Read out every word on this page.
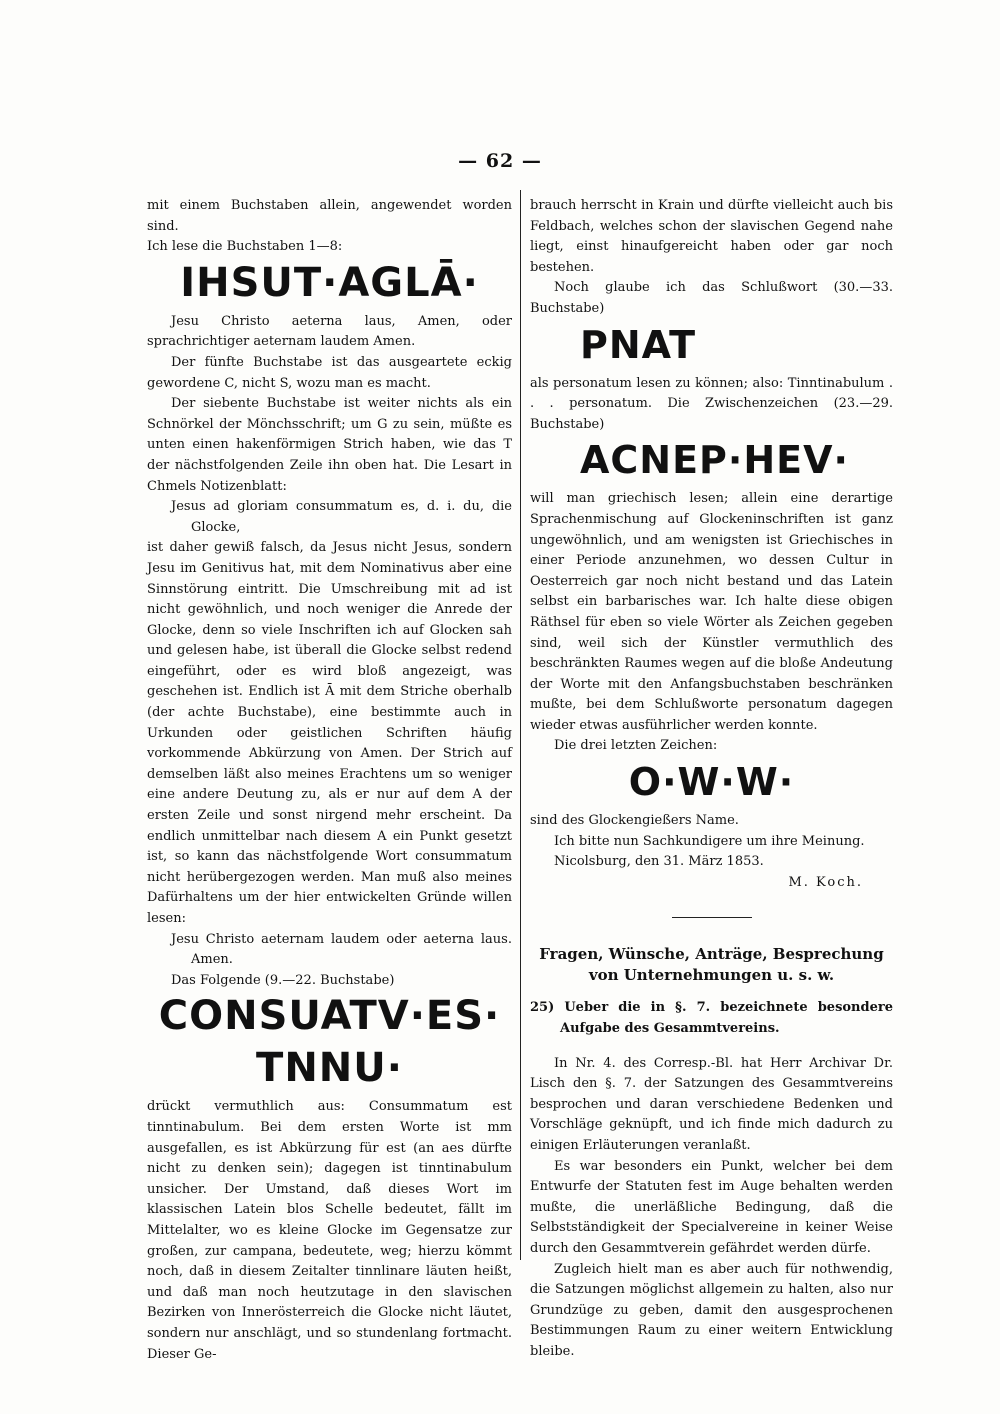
— 62 —

mit einem Buchstaben allein, angewendet worden sind.

Ich lese die Buchstaben 1—8:

IHSUT·AGLĀ·

Jesu Christo aeterna laus, Amen, oder sprachrichtiger aeternam laudem Amen.

Der fünfte Buchstabe ist das ausgeartete eckig gewordene C, nicht S, wozu man es macht.

Der siebente Buchstabe ist weiter nichts als ein Schnörkel der Mönchsschrift; um G zu sein, müßte es unten einen hakenförmigen Strich haben, wie das T der nächstfolgenden Zeile ihn oben hat. Die Lesart in Chmels Notizenblatt:

Jesus ad gloriam consummatum es, d. i. du, die Glocke,

ist daher gewiß falsch, da Jesus nicht Jesus, sondern Jesu im Genitivus hat, mit dem Nominativus aber eine Sinnstörung eintritt. Die Umschreibung mit ad ist nicht gewöhnlich, und noch weniger die Anrede der Glocke, denn so viele Inschriften ich auf Glocken sah und gelesen habe, ist überall die Glocke selbst redend eingeführt, oder es wird bloß angezeigt, was geschehen ist. Endlich ist Ā mit dem Striche oberhalb (der achte Buchstabe), eine bestimmte auch in Urkunden oder geistlichen Schriften häufig vorkommende Abkürzung von Amen. Der Strich auf demselben läßt also meines Erachtens um so weniger eine andere Deutung zu, als er nur auf dem A der ersten Zeile und sonst nirgend mehr erscheint. Da endlich unmittelbar nach diesem A ein Punkt gesetzt ist, so kann das nächstfolgende Wort consummatum nicht herübergezogen werden. Man muß also meines Dafürhaltens um der hier entwickelten Gründe willen lesen:

Jesu Christo aeternam laudem oder aeterna laus. Amen.

Das Folgende (9.—22. Buchstabe)

CONSUATV·ES·
TNNU·

drückt vermuthlich aus: Consummatum est tinntinabulum. Bei dem ersten Worte ist mm ausgefallen, es ist Abkürzung für est (an aes dürfte nicht zu denken sein); dagegen ist tinntinabulum unsicher. Der Umstand, daß dieses Wort im klassischen Latein blos Schelle bedeutet, fällt im Mittelalter, wo es kleine Glocke im Gegensatze zur großen, zur campana, bedeutete, weg; hierzu kömmt noch, daß in diesem Zeitalter tinnlinare läuten heißt, und daß man noch heutzutage in den slavischen Bezirken von Innerösterreich die Glocke nicht läutet, sondern nur anschlägt, und so stundenlang fortmacht. Dieser Ge-

brauch herrscht in Krain und dürfte vielleicht auch bis Feldbach, welches schon der slavischen Gegend nahe liegt, einst hinaufgereicht haben oder gar noch bestehen.

Noch glaube ich das Schlußwort (30.—33. Buchstabe)

PNAT

als personatum lesen zu können; also: Tinntinabulum . . . personatum. Die Zwischenzeichen (23.—29. Buchstabe)

ACNEP·HEV·

will man griechisch lesen; allein eine derartige Sprachenmischung auf Glockeninschriften ist ganz ungewöhnlich, und am wenigsten ist Griechisches in einer Periode anzunehmen, wo dessen Cultur in Oesterreich gar noch nicht bestand und das Latein selbst ein barbarisches war. Ich halte diese obigen Räthsel für eben so viele Wörter als Zeichen gegeben sind, weil sich der Künstler vermuthlich des beschränkten Raumes wegen auf die bloße Andeutung der Worte mit den Anfangsbuchstaben beschränken mußte, bei dem Schlußworte personatum dagegen wieder etwas ausführlicher werden konnte.

Die drei letzten Zeichen:

O·W·W·

sind des Glockengießers Name.

Ich bitte nun Sachkundigere um ihre Meinung.

Nicolsburg, den 31. März 1853.

M. Koch.

Fragen, Wünsche, Anträge, Besprechung von Unternehmungen u. s. w.
25) Ueber die in §. 7. bezeichnete besondere Aufgabe des Gesammtvereins.

In Nr. 4. des Corresp.-Bl. hat Herr Archivar Dr. Lisch den §. 7. der Satzungen des Gesammtvereins besprochen und daran verschiedene Bedenken und Vorschläge geknüpft, und ich finde mich dadurch zu einigen Erläuterungen veranlaßt.

Es war besonders ein Punkt, welcher bei dem Entwurfe der Statuten fest im Auge behalten werden mußte, die unerläßliche Bedingung, daß die Selbstständigkeit der Specialvereine in keiner Weise durch den Gesammtverein gefährdet werden dürfe.

Zugleich hielt man es aber auch für nothwendig, die Satzungen möglichst allgemein zu halten, also nur Grundzüge zu geben, damit den ausgesprochenen Bestimmungen Raum zu einer weitern Entwicklung bleibe.
